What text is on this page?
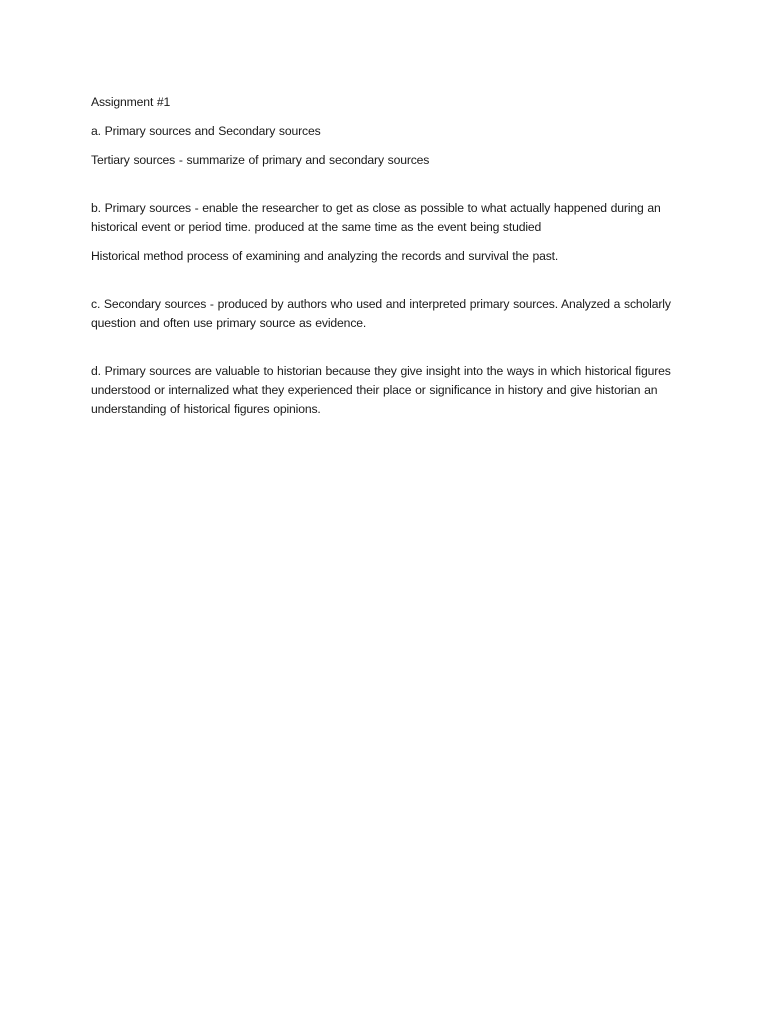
Assignment #1

a. Primary sources and Secondary sources

Tertiary sources - summarize of primary and secondary sources

b. Primary sources - enable the researcher to get as close as possible to what actually happened during an historical event or period time. produced at the same time as the event being studied

Historical method process of examining and analyzing the records and survival the past.

c. Secondary sources - produced by authors who used and interpreted primary sources. Analyzed a scholarly question and often use primary source as evidence.

d. Primary sources are valuable to historian because they give insight into the ways in which historical figures understood or internalized what they experienced their place or significance in history and give historian an understanding of historical figures opinions.
